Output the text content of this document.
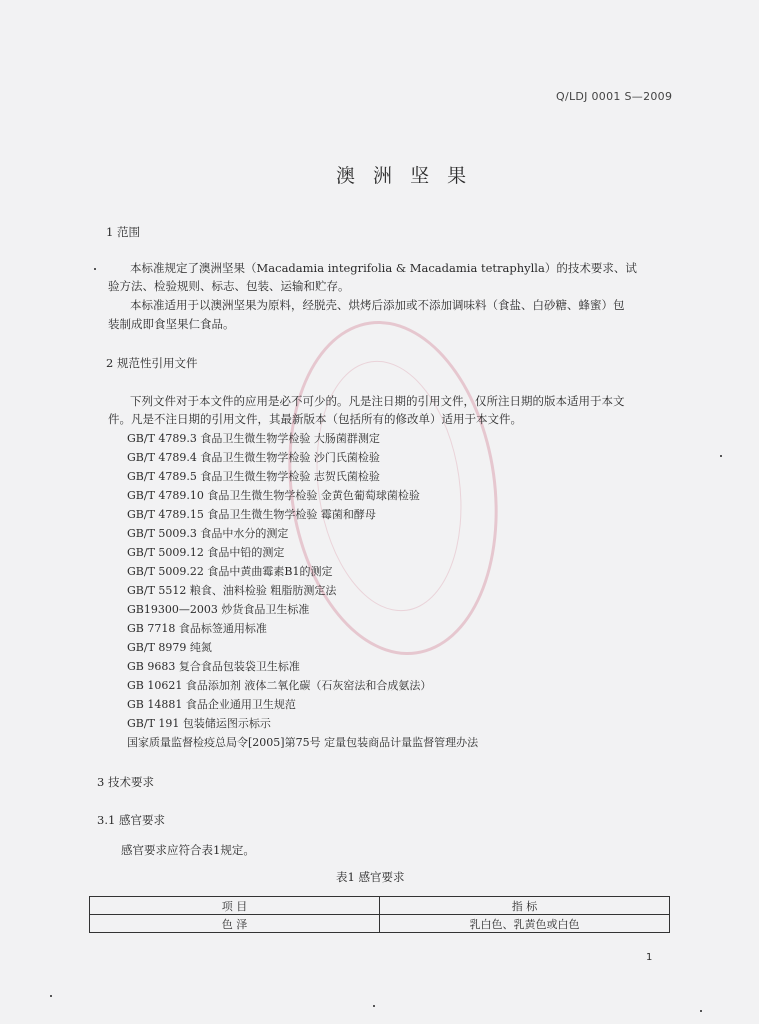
Q/LDJ 0001 S—2009
澳 洲 坚 果
1 范围
本标准规定了澳洲坚果（Macadamia integrifolia & Macadamia tetraphylla）的技术要求、试
验方法、检验规则、标志、包装、运输和贮存。
本标准适用于以澳洲坚果为原料，经脱壳、烘烤后添加或不添加调味料（食盐、白砂糖、蜂蜜）包
装制成即食坚果仁食品。
2 规范性引用文件
下列文件对于本文件的应用是必不可少的。凡是注日期的引用文件，仅所注日期的版本适用于本文
件。凡是不注日期的引用文件，其最新版本（包括所有的修改单）适用于本文件。
GB/T 4789.3 食品卫生微生物学检验 大肠菌群测定
GB/T 4789.4 食品卫生微生物学检验 沙门氏菌检验
GB/T 4789.5 食品卫生微生物学检验 志贺氏菌检验
GB/T 4789.10 食品卫生微生物学检验 金黄色葡萄球菌检验
GB/T 4789.15 食品卫生微生物学检验 霉菌和酵母
GB/T 5009.3 食品中水分的测定
GB/T 5009.12 食品中铅的测定
GB/T 5009.22 食品中黄曲霉素B1的测定
GB/T 5512 粮食、油料检验 粗脂肪测定法
GB19300—2003 炒货食品卫生标准
GB 7718 食品标签通用标准
GB/T 8979 纯氮
GB 9683 复合食品包装袋卫生标准
GB 10621 食品添加剂 液体二氧化碳（石灰窑法和合成氨法）
GB 14881 食品企业通用卫生规范
GB/T 191 包装储运图示标示
国家质量监督检疫总局令[2005]第75号 定量包装商品计量监督管理办法
3 技术要求
3.1 感官要求
感官要求应符合表1规定。
表1 感官要求
项 目	指 标
色 泽	乳白色、乳黄色或白色
1
